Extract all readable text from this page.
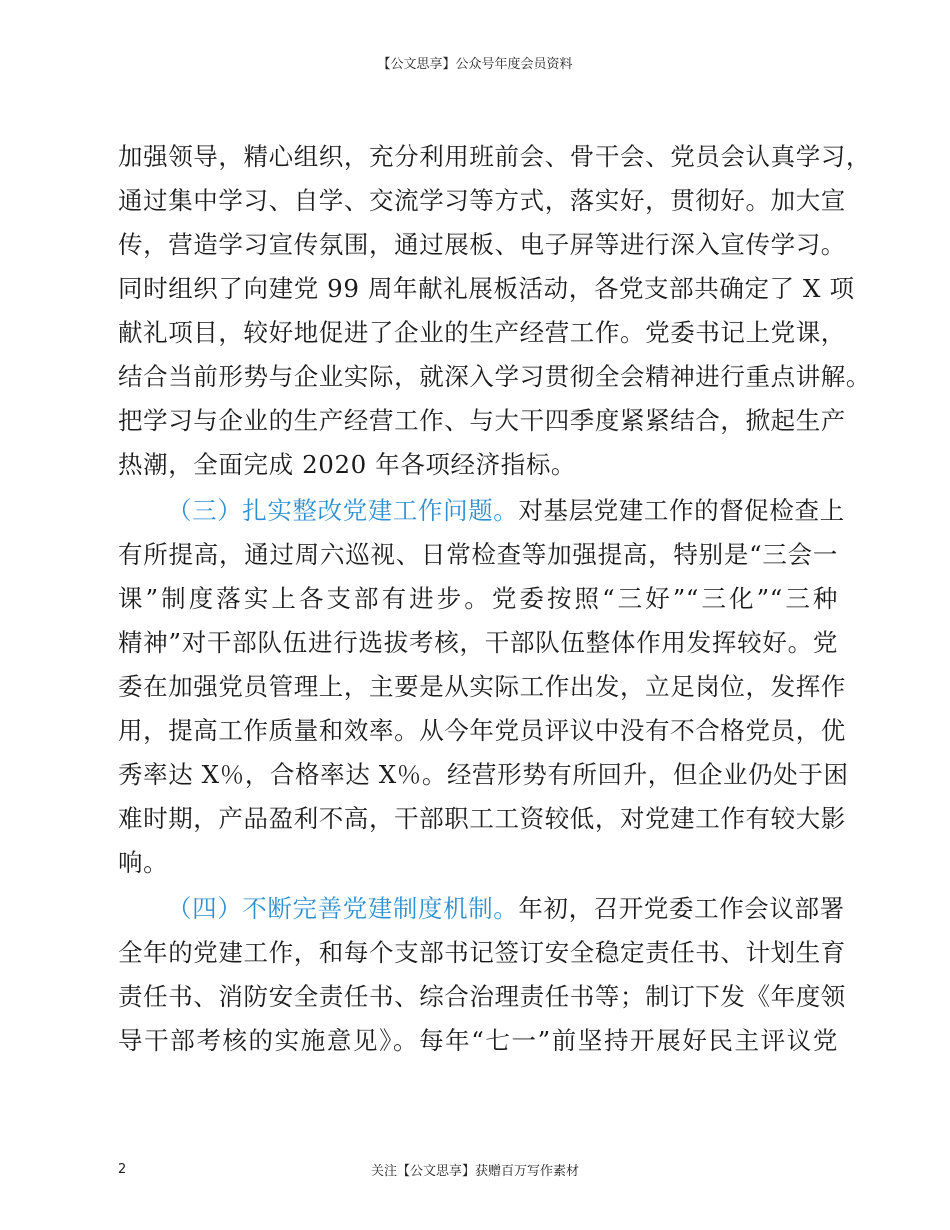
【公文思享】公众号年度会员资料
加强领导，精心组织，充分利用班前会、骨干会、党员会认真学习，
通过集中学习、自学、交流学习等方式，落实好，贯彻好。加大宣
传，营造学习宣传氛围，通过展板、电子屏等进行深入宣传学习。
同时组织了向建党 99 周年献礼展板活动，各党支部共确定了 X 项
献礼项目，较好地促进了企业的生产经营工作。党委书记上党课，
结合当前形势与企业实际，就深入学习贯彻全会精神进行重点讲解。
把学习与企业的生产经营工作、与大干四季度紧紧结合，掀起生产
热潮，全面完成 2020 年各项经济指标。
（三）扎实整改党建工作问题。对基层党建工作的督促检查上
有所提高，通过周六巡视、日常检查等加强提高，特别是“三会一
课”制度落实上各支部有进步。党委按照“三好”“三化”“三种
精神”对干部队伍进行选拔考核，干部队伍整体作用发挥较好。党
委在加强党员管理上，主要是从实际工作出发，立足岗位，发挥作
用，提高工作质量和效率。从今年党员评议中没有不合格党员，优
秀率达 X％，合格率达 X％。经营形势有所回升，但企业仍处于困
难时期，产品盈利不高，干部职工工资较低，对党建工作有较大影
响。
（四）不断完善党建制度机制。年初，召开党委工作会议部署
全年的党建工作，和每个支部书记签订安全稳定责任书、计划生育
责任书、消防安全责任书、综合治理责任书等；制订下发《年度领
导干部考核的实施意见》。每年“七一”前坚持开展好民主评议党
2	关注【公文思享】获赠百万写作素材
